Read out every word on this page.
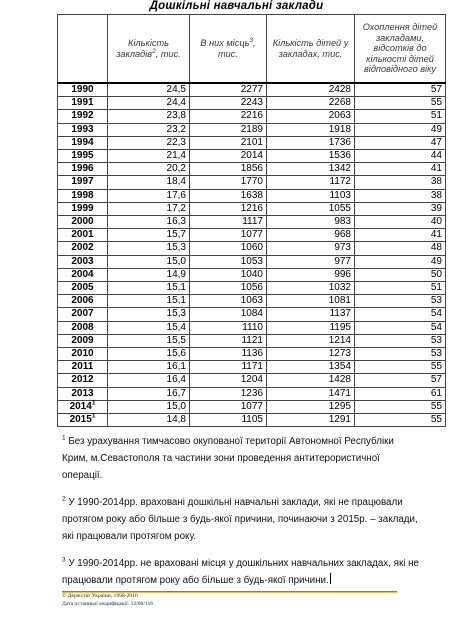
Дошкільні навчальні заклади
	Кількість закладів$^2$, тис.	В них місць$^3$, тис.	Кількість дітей у закладах, тис.	Охоплення дітей закладами, відсотків до кількості дітей відповідного віку
1990	24,5	2277	2428	57
1991	24,4	2243	2268	55
1992	23,8	2216	2063	51
1993	23,2	2189	1918	49
1994	22,3	2101	1736	47
1995	21,4	2014	1536	44
1996	20,2	1856	1342	41
1997	18,4	1770	1172	38
1998	17,6	1638	1103	38
1999	17,2	1216	1055	39
2000	16,3	1117	983	40
2001	15,7	1077	968	41
2002	15,3	1060	973	48
2003	15,0	1053	977	49
2004	14,9	1040	996	50
2005	15,1	1056	1032	51
2006	15,1	1063	1081	53
2007	15,3	1084	1137	54
2008	15,4	1110	1195	54
2009	15,5	1121	1214	53
2010	15,6	1136	1273	53
2011	16,1	1171	1354	55
2012	16,4	1204	1428	57
2013	16,7	1236	1471	61
2014$^1$	15,0	1077	1295	55
2015$^1$	14,8	1105	1291	55

$^1$ Без урахування тимчасово окупованої території Автономної Республіки Крим, м.Севастополя та частини зони проведення антитерористичної операції.

$^2$ У 1990-2014рр. враховані дошкільні навчальні заклади, які не працювали протягом року або більше з будь-якої причини, починаючи з 2015р. – заклади, які працювали протягом року.

$^3$ У 1990-2014рр. не враховані місця у дошкільних навчальних закладах, які не працювали протягом року або більше з будь-якої причини.

© Держстат України, 1998-2016
Дата останньої модифікації: 12/06/116
